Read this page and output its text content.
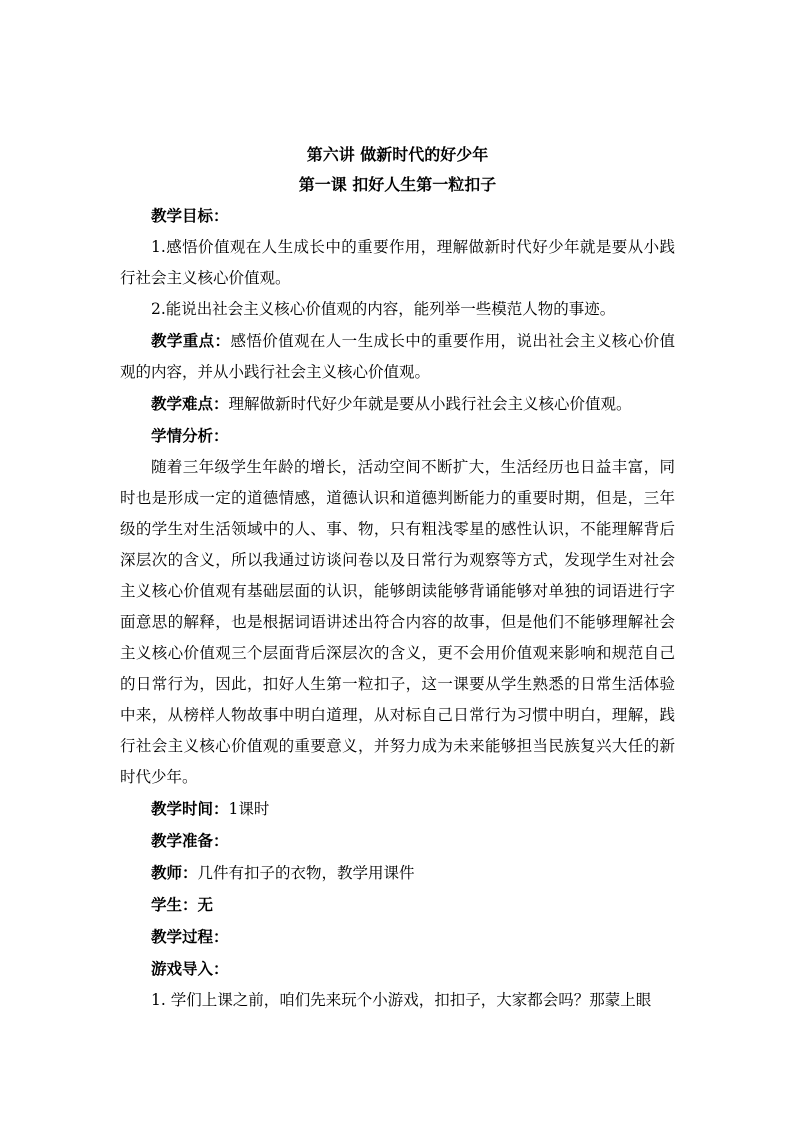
第六讲 做新时代的好少年
第一课 扣好人生第一粒扣子

教学目标：

1.感悟价值观在人生成长中的重要作用，理解做新时代好少年就是要从小践行社会主义核心价值观。

2.能说出社会主义核心价值观的内容，能列举一些模范人物的事迹。

教学重点：感悟价值观在人一生成长中的重要作用，说出社会主义核心价值观的内容，并从小践行社会主义核心价值观。

教学难点：理解做新时代好少年就是要从小践行社会主义核心价值观。

学情分析：

随着三年级学生年龄的增长，活动空间不断扩大，生活经历也日益丰富，同时也是形成一定的道德情感，道德认识和道德判断能力的重要时期，但是，三年级的学生对生活领域中的人、事、物，只有粗浅零星的感性认识，不能理解背后深层次的含义，所以我通过访谈问卷以及日常行为观察等方式，发现学生对社会主义核心价值观有基础层面的认识，能够朗读能够背诵能够对单独的词语进行字面意思的解释，也是根据词语讲述出符合内容的故事，但是他们不能够理解社会主义核心价值观三个层面背后深层次的含义，更不会用价值观来影响和规范自己的日常行为，因此，扣好人生第一粒扣子，这一课要从学生熟悉的日常生活体验中来，从榜样人物故事中明白道理，从对标自己日常行为习惯中明白，理解，践行社会主义核心价值观的重要意义，并努力成为未来能够担当民族复兴大任的新时代少年。

教学时间：1课时

教学准备：

教师：几件有扣子的衣物，教学用课件

学生：无

教学过程：

游戏导入：

1. 学们上课之前，咱们先来玩个小游戏，扣扣子，大家都会吗？那蒙上眼
